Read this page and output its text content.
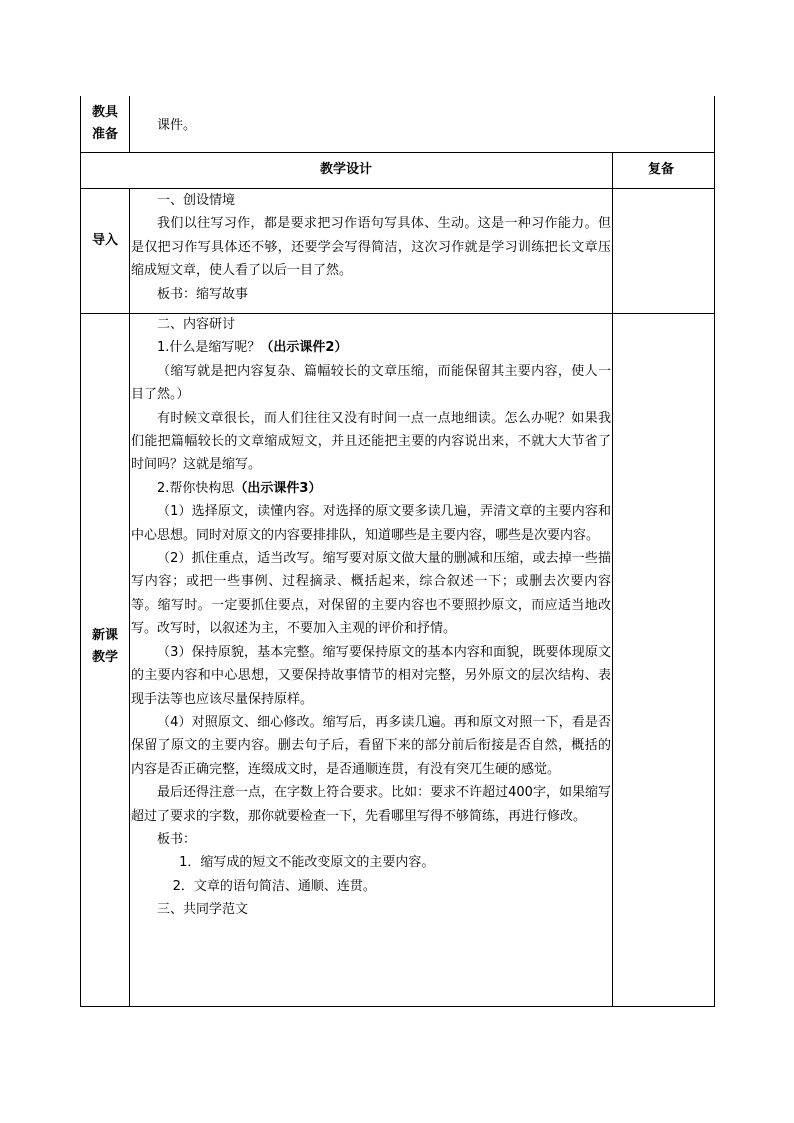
教具
准备

课件。

教学设计	复备
导入

一、创设情境

我们以往写习作，都是要求把习作语句写具体、生动。这是一种习作能力。但是仅把习作写具体还不够，还要学会写得简洁，这次习作就是学习训练把长文章压缩成短文章，使人看了以后一目了然。

板书：缩写故事

新课
教学

二、内容研讨

1.什么是缩写呢？（出示课件2）

（缩写就是把内容复杂、篇幅较长的文章压缩，而能保留其主要内容，使人一目了然。）

有时候文章很长，而人们往往又没有时间一点一点地细读。怎么办呢？如果我们能把篇幅较长的文章缩成短文，并且还能把主要的内容说出来，不就大大节省了时间吗？这就是缩写。

2.帮你快构思（出示课件3）

（1）选择原文，读懂内容。对选择的原文要多读几遍，弄清文章的主要内容和中心思想。同时对原文的内容要排排队，知道哪些是主要内容，哪些是次要内容。

（2）抓住重点，适当改写。缩写要对原文做大量的删减和压缩，或去掉一些描写内容；或把一些事例、过程摘录、概括起来，综合叙述一下；或删去次要内容等。缩写时。一定要抓住要点，对保留的主要内容也不要照抄原文，而应适当地改写。改写时，以叙述为主，不要加入主观的评价和抒情。

（3）保持原貌，基本完整。缩写要保持原文的基本内容和面貌，既要体现原文的主要内容和中心思想，又要保持故事情节的相对完整，另外原文的层次结构、表现手法等也应该尽量保持原样。

（4）对照原文、细心修改。缩写后，再多读几遍。再和原文对照一下，看是否保留了原文的主要内容。删去句子后，看留下来的部分前后衔接是否自然，概括的内容是否正确完整，连缀成文时，是否通顺连贯，有没有突兀生硬的感觉。

最后还得注意一点，在字数上符合要求。比如：要求不许超过400字，如果缩写超过了要求的字数，那你就要检查一下，先看哪里写得不够简练，再进行修改。

板书：

1．缩写成的短文不能改变原文的主要内容。

2．文章的语句简洁、通顺、连贯。

三、共同学范文
